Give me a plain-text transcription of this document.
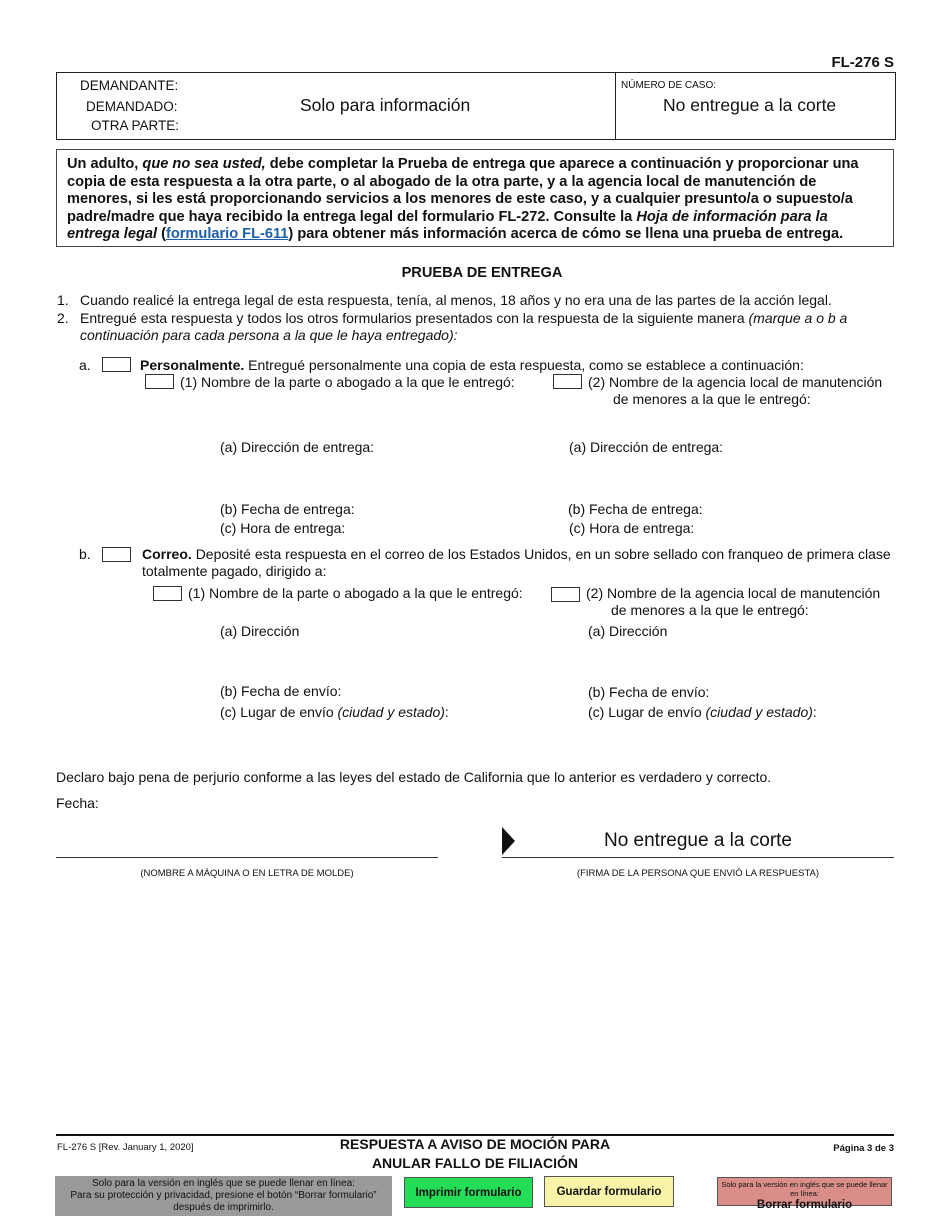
FL-276 S
DEMANDANTE:
DEMANDADO:
OTRA PARTE:
Solo para información
NÚMERO DE CASO:
No entregue a la corte
Un adulto, que no sea usted, debe completar la Prueba de entrega que aparece a continuación y proporcionar una copia de esta respuesta a la otra parte, o al abogado de la otra parte, y a la agencia local de manutención de menores, si les está proporcionando servicios a los menores de este caso, y a cualquier presunto/a o supuesto/a padre/madre que haya recibido la entrega legal del formulario FL-272. Consulte la Hoja de información para la entrega legal (formulario FL-611) para obtener más información acerca de cómo se llena una prueba de entrega.
PRUEBA DE ENTREGA
1. Cuando realicé la entrega legal de esta respuesta, tenía, al menos, 18 años y no era una de las partes de la acción legal.
2. Entregué esta respuesta y todos los otros formularios presentados con la respuesta de la siguiente manera (marque a o b a continuación para cada persona a la que le haya entregado):
a.	Personalmente. Entregué personalmente una copia de esta respuesta, como se establece a continuación:
(1) Nombre de la parte o abogado a la que le entregó:	(2) Nombre de la agencia local de manutención
de menores a la que le entregó:
(a) Dirección de entrega:	(a) Dirección de entrega:
(b) Fecha de entrega:	(b) Fecha de entrega:
(c) Hora de entrega:	(c) Hora de entrega:
b.	Correo. Deposité esta respuesta en el correo de los Estados Unidos, en un sobre sellado con franqueo de primera clase totalmente pagado, dirigido a:
(1) Nombre de la parte o abogado a la que le entregó:	(2) Nombre de la agencia local de manutención
de menores a la que le entregó:
(a) Dirección	(a) Dirección
(b) Fecha de envío:	(b) Fecha de envío:
(c) Lugar de envío (ciudad y estado):	(c) Lugar de envío (ciudad y estado):
Declaro bajo pena de perjurio conforme a las leyes del estado de California que lo anterior es verdadero y correcto.
Fecha:
(NOMBRE A MÁQUINA O EN LETRA DE MOLDE)
No entregue a la corte
(FIRMA DE LA PERSONA QUE ENVIÓ LA RESPUESTA)
FL-276 S [Rev. January 1, 2020]	RESPUESTA A AVISO DE MOCIÓN PARA
ANULAR FALLO DE FILIACIÓN
Página 3 de 3
Solo para la versión en inglés que se puede llenar en línea:
Para su protección y privacidad, presione el botón “Borrar formulario”
después de imprimirlo.
Imprimir formulario	Guardar formulario
Solo para la versión en inglés que se puede llenar en línea:
Borrar formulario
